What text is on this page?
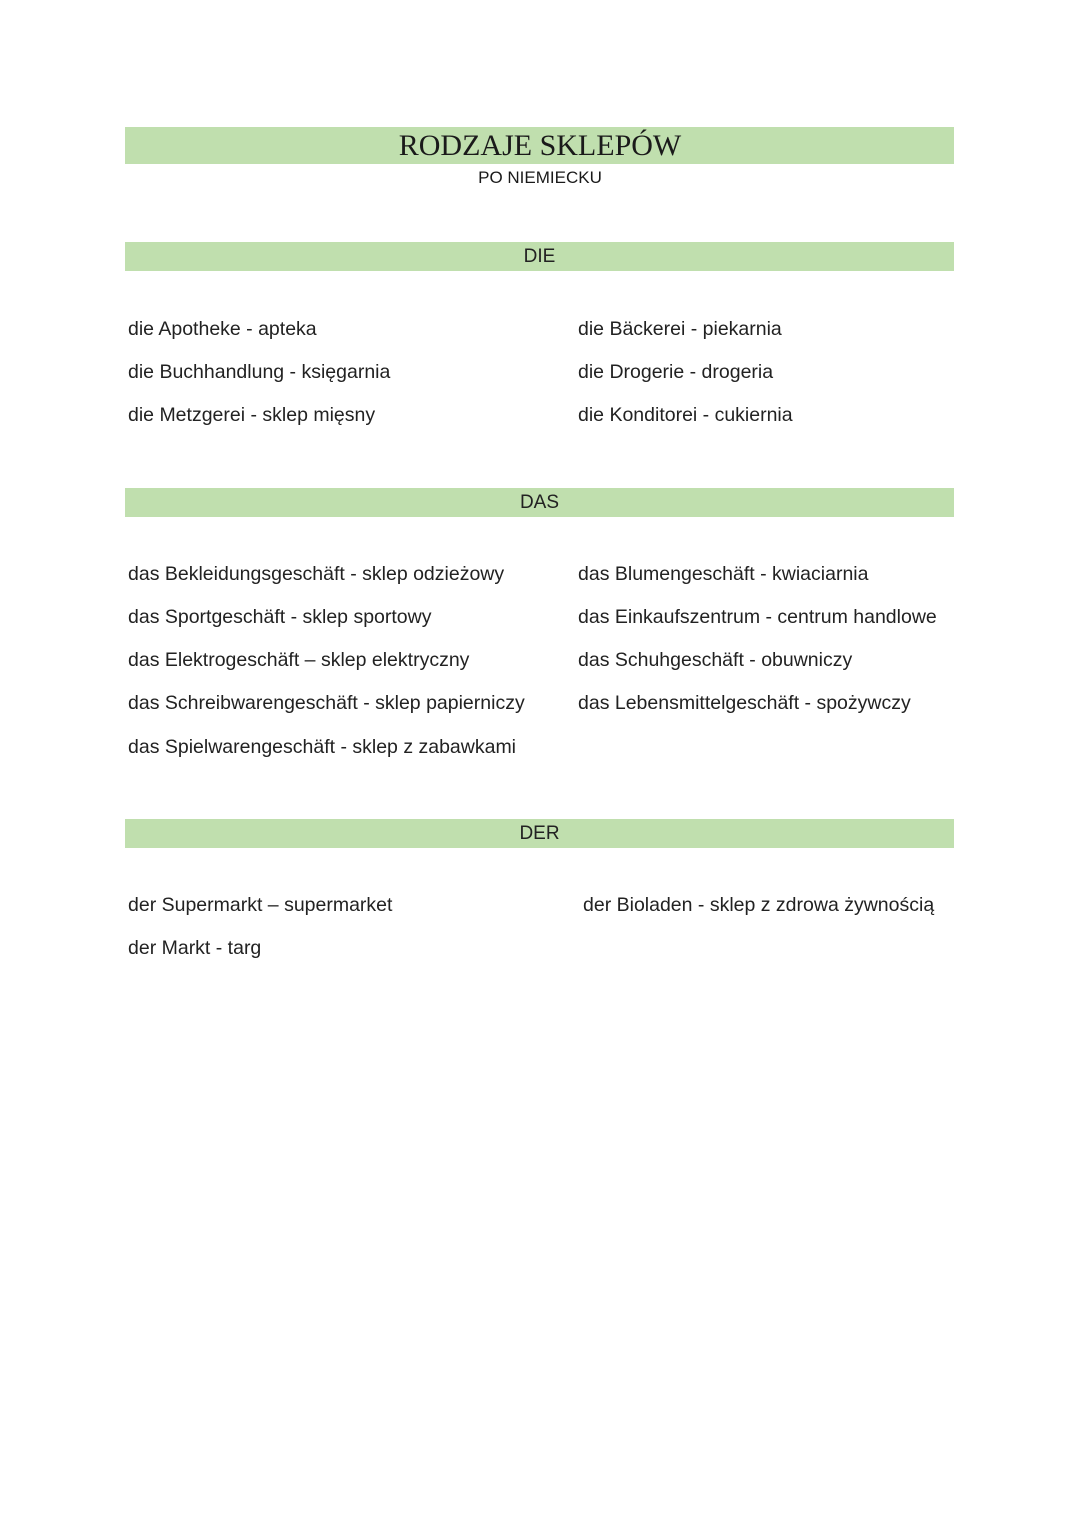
RODZAJE SKLEPÓW
PO NIEMIECKU
DIE
die Apotheke - apteka
die Buchhandlung - księgarnia
die Metzgerei - sklep mięsny
die Bäckerei - piekarnia
die Drogerie - drogeria
die Konditorei - cukiernia
DAS
das Bekleidungsgeschäft - sklep odzieżowy
das Sportgeschäft - sklep sportowy
das Elektrogeschäft – sklep elektryczny
das Schreibwarengeschäft - sklep papierniczy
das Spielwarengeschäft - sklep z zabawkami
das Blumengeschäft - kwiaciarnia
das Einkaufszentrum - centrum handlowe
das Schuhgeschäft - obuwniczy
das Lebensmittelgeschäft - spożywczy
DER
der Supermarkt – supermarket
der Markt - targ
der Bioladen - sklep z zdrowa żywnością
